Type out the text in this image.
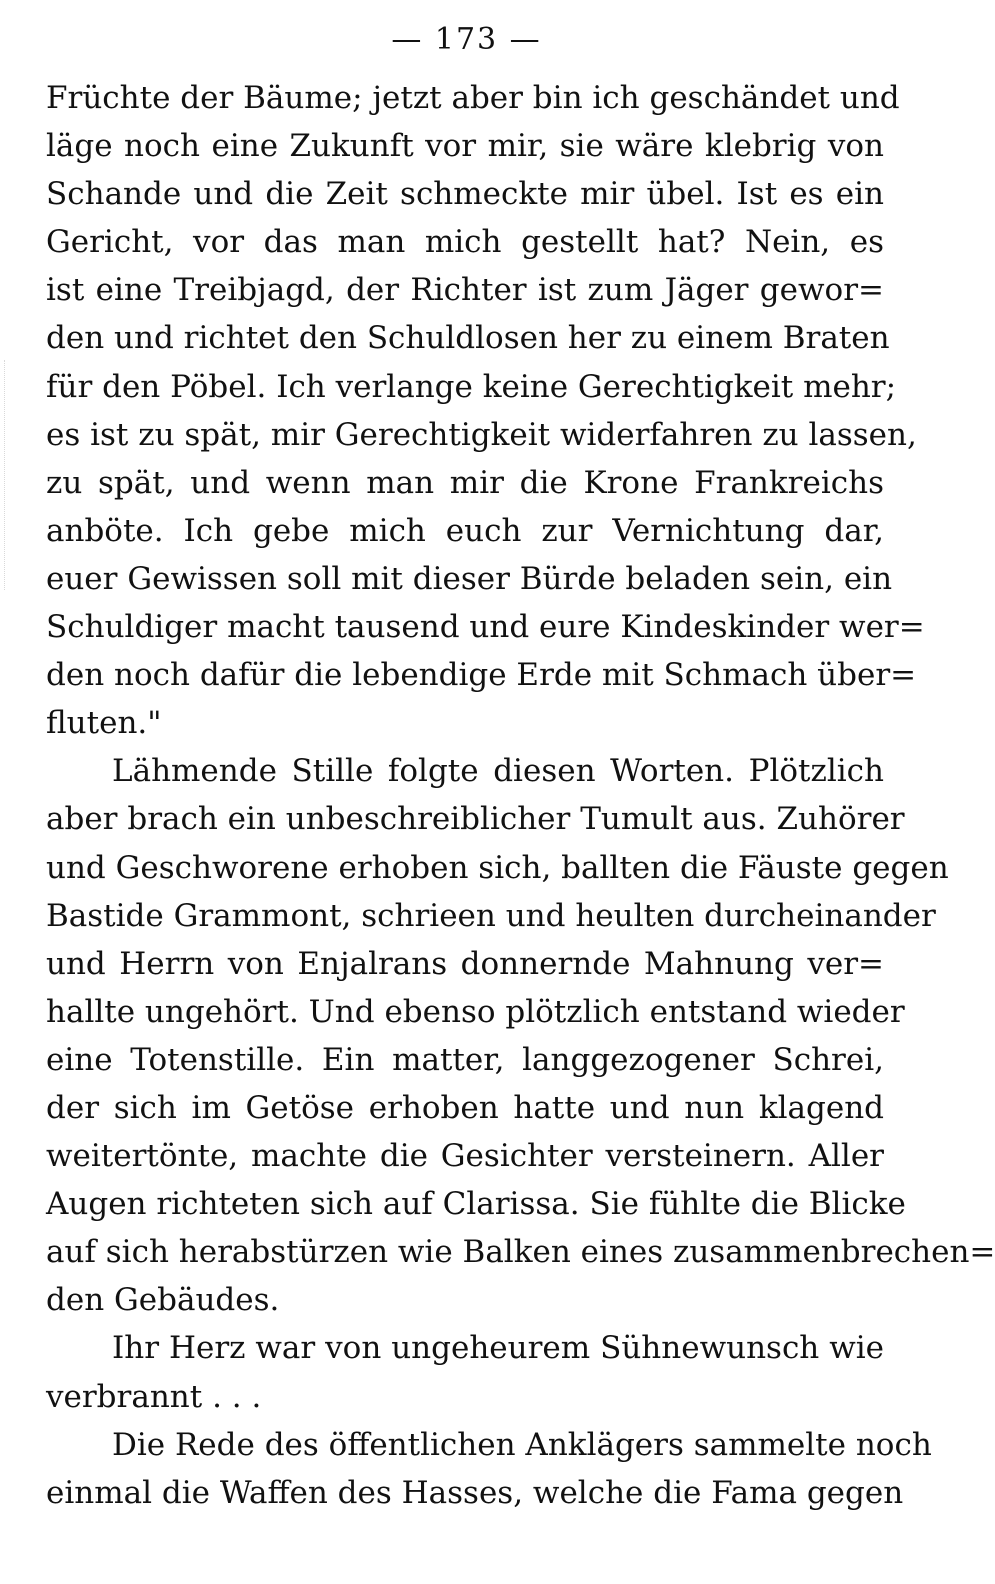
— 173 —
Früchte der Bäume; jetzt aber bin ich geschändet und
läge noch eine Zukunft vor mir, sie wäre klebrig von
Schande und die Zeit schmeckte mir übel. Ist es ein
Gericht, vor das man mich gestellt hat? Nein, es
ist eine Treibjagd, der Richter ist zum Jäger gewor=
den und richtet den Schuldlosen her zu einem Braten
für den Pöbel. Ich verlange keine Gerechtigkeit mehr;
es ist zu spät, mir Gerechtigkeit widerfahren zu lassen,
zu spät, und wenn man mir die Krone Frankreichs
anböte. Ich gebe mich euch zur Vernichtung dar,
euer Gewissen soll mit dieser Bürde beladen sein, ein
Schuldiger macht tausend und eure Kindeskinder wer=
den noch dafür die lebendige Erde mit Schmach über=
fluten."
Lähmende Stille folgte diesen Worten. Plötzlich
aber brach ein unbeschreiblicher Tumult aus. Zuhörer
und Geschworene erhoben sich, ballten die Fäuste gegen
Bastide Grammont, schrieen und heulten durcheinander
und Herrn von Enjalrans donnernde Mahnung ver=
hallte ungehört. Und ebenso plötzlich entstand wieder
eine Totenstille. Ein matter, langgezogener Schrei,
der sich im Getöse erhoben hatte und nun klagend
weitertönte, machte die Gesichter versteinern. Aller
Augen richteten sich auf Clarissa. Sie fühlte die Blicke
auf sich herabstürzen wie Balken eines zusammenbrechen=
den Gebäudes.
Ihr Herz war von ungeheurem Sühnewunsch wie
verbrannt . . .
Die Rede des öffentlichen Anklägers sammelte noch
einmal die Waffen des Hasses, welche die Fama gegen
